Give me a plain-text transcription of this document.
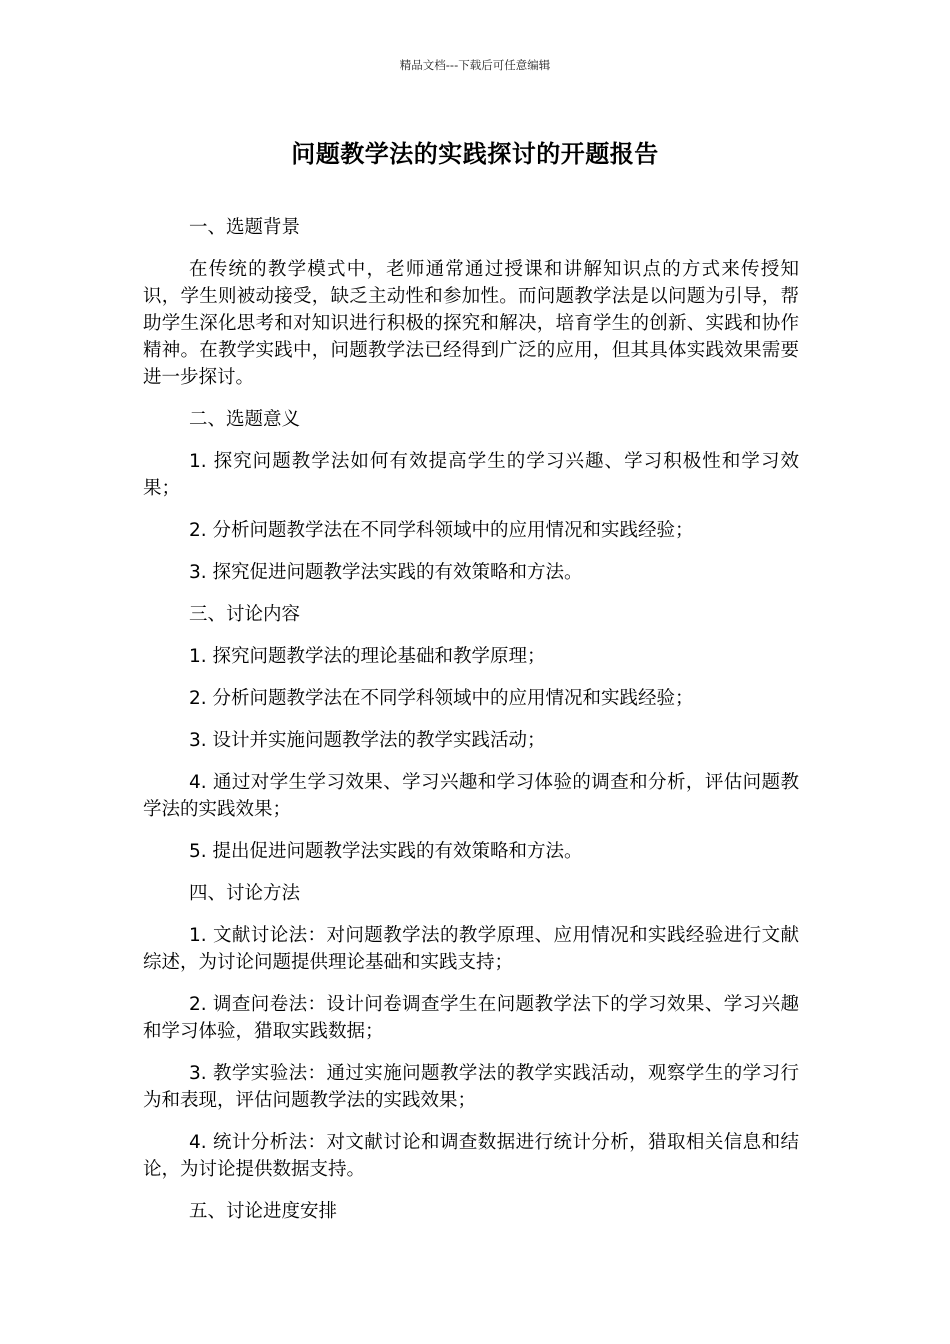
精品文档---下载后可任意编辑
问题教学法的实践探讨的开题报告

一、选题背景

在传统的教学模式中，老师通常通过授课和讲解知识点的方式来传授知识，学生则被动接受，缺乏主动性和参加性。而问题教学法是以问题为引导，帮助学生深化思考和对知识进行积极的探究和解决，培育学生的创新、实践和协作精神。在教学实践中，问题教学法已经得到广泛的应用，但其具体实践效果需要进一步探讨。

二、选题意义

1. 探究问题教学法如何有效提高学生的学习兴趣、学习积极性和学习效果；

2. 分析问题教学法在不同学科领域中的应用情况和实践经验；

3. 探究促进问题教学法实践的有效策略和方法。

三、讨论内容

1. 探究问题教学法的理论基础和教学原理；

2. 分析问题教学法在不同学科领域中的应用情况和实践经验；

3. 设计并实施问题教学法的教学实践活动；

4. 通过对学生学习效果、学习兴趣和学习体验的调查和分析，评估问题教学法的实践效果；

5. 提出促进问题教学法实践的有效策略和方法。

四、讨论方法

1. 文献讨论法：对问题教学法的教学原理、应用情况和实践经验进行文献综述，为讨论问题提供理论基础和实践支持；

2. 调查问卷法：设计问卷调查学生在问题教学法下的学习效果、学习兴趣和学习体验，猎取实践数据；

3. 教学实验法：通过实施问题教学法的教学实践活动，观察学生的学习行为和表现，评估问题教学法的实践效果；

4. 统计分析法：对文献讨论和调查数据进行统计分析，猎取相关信息和结论，为讨论提供数据支持。

五、讨论进度安排
